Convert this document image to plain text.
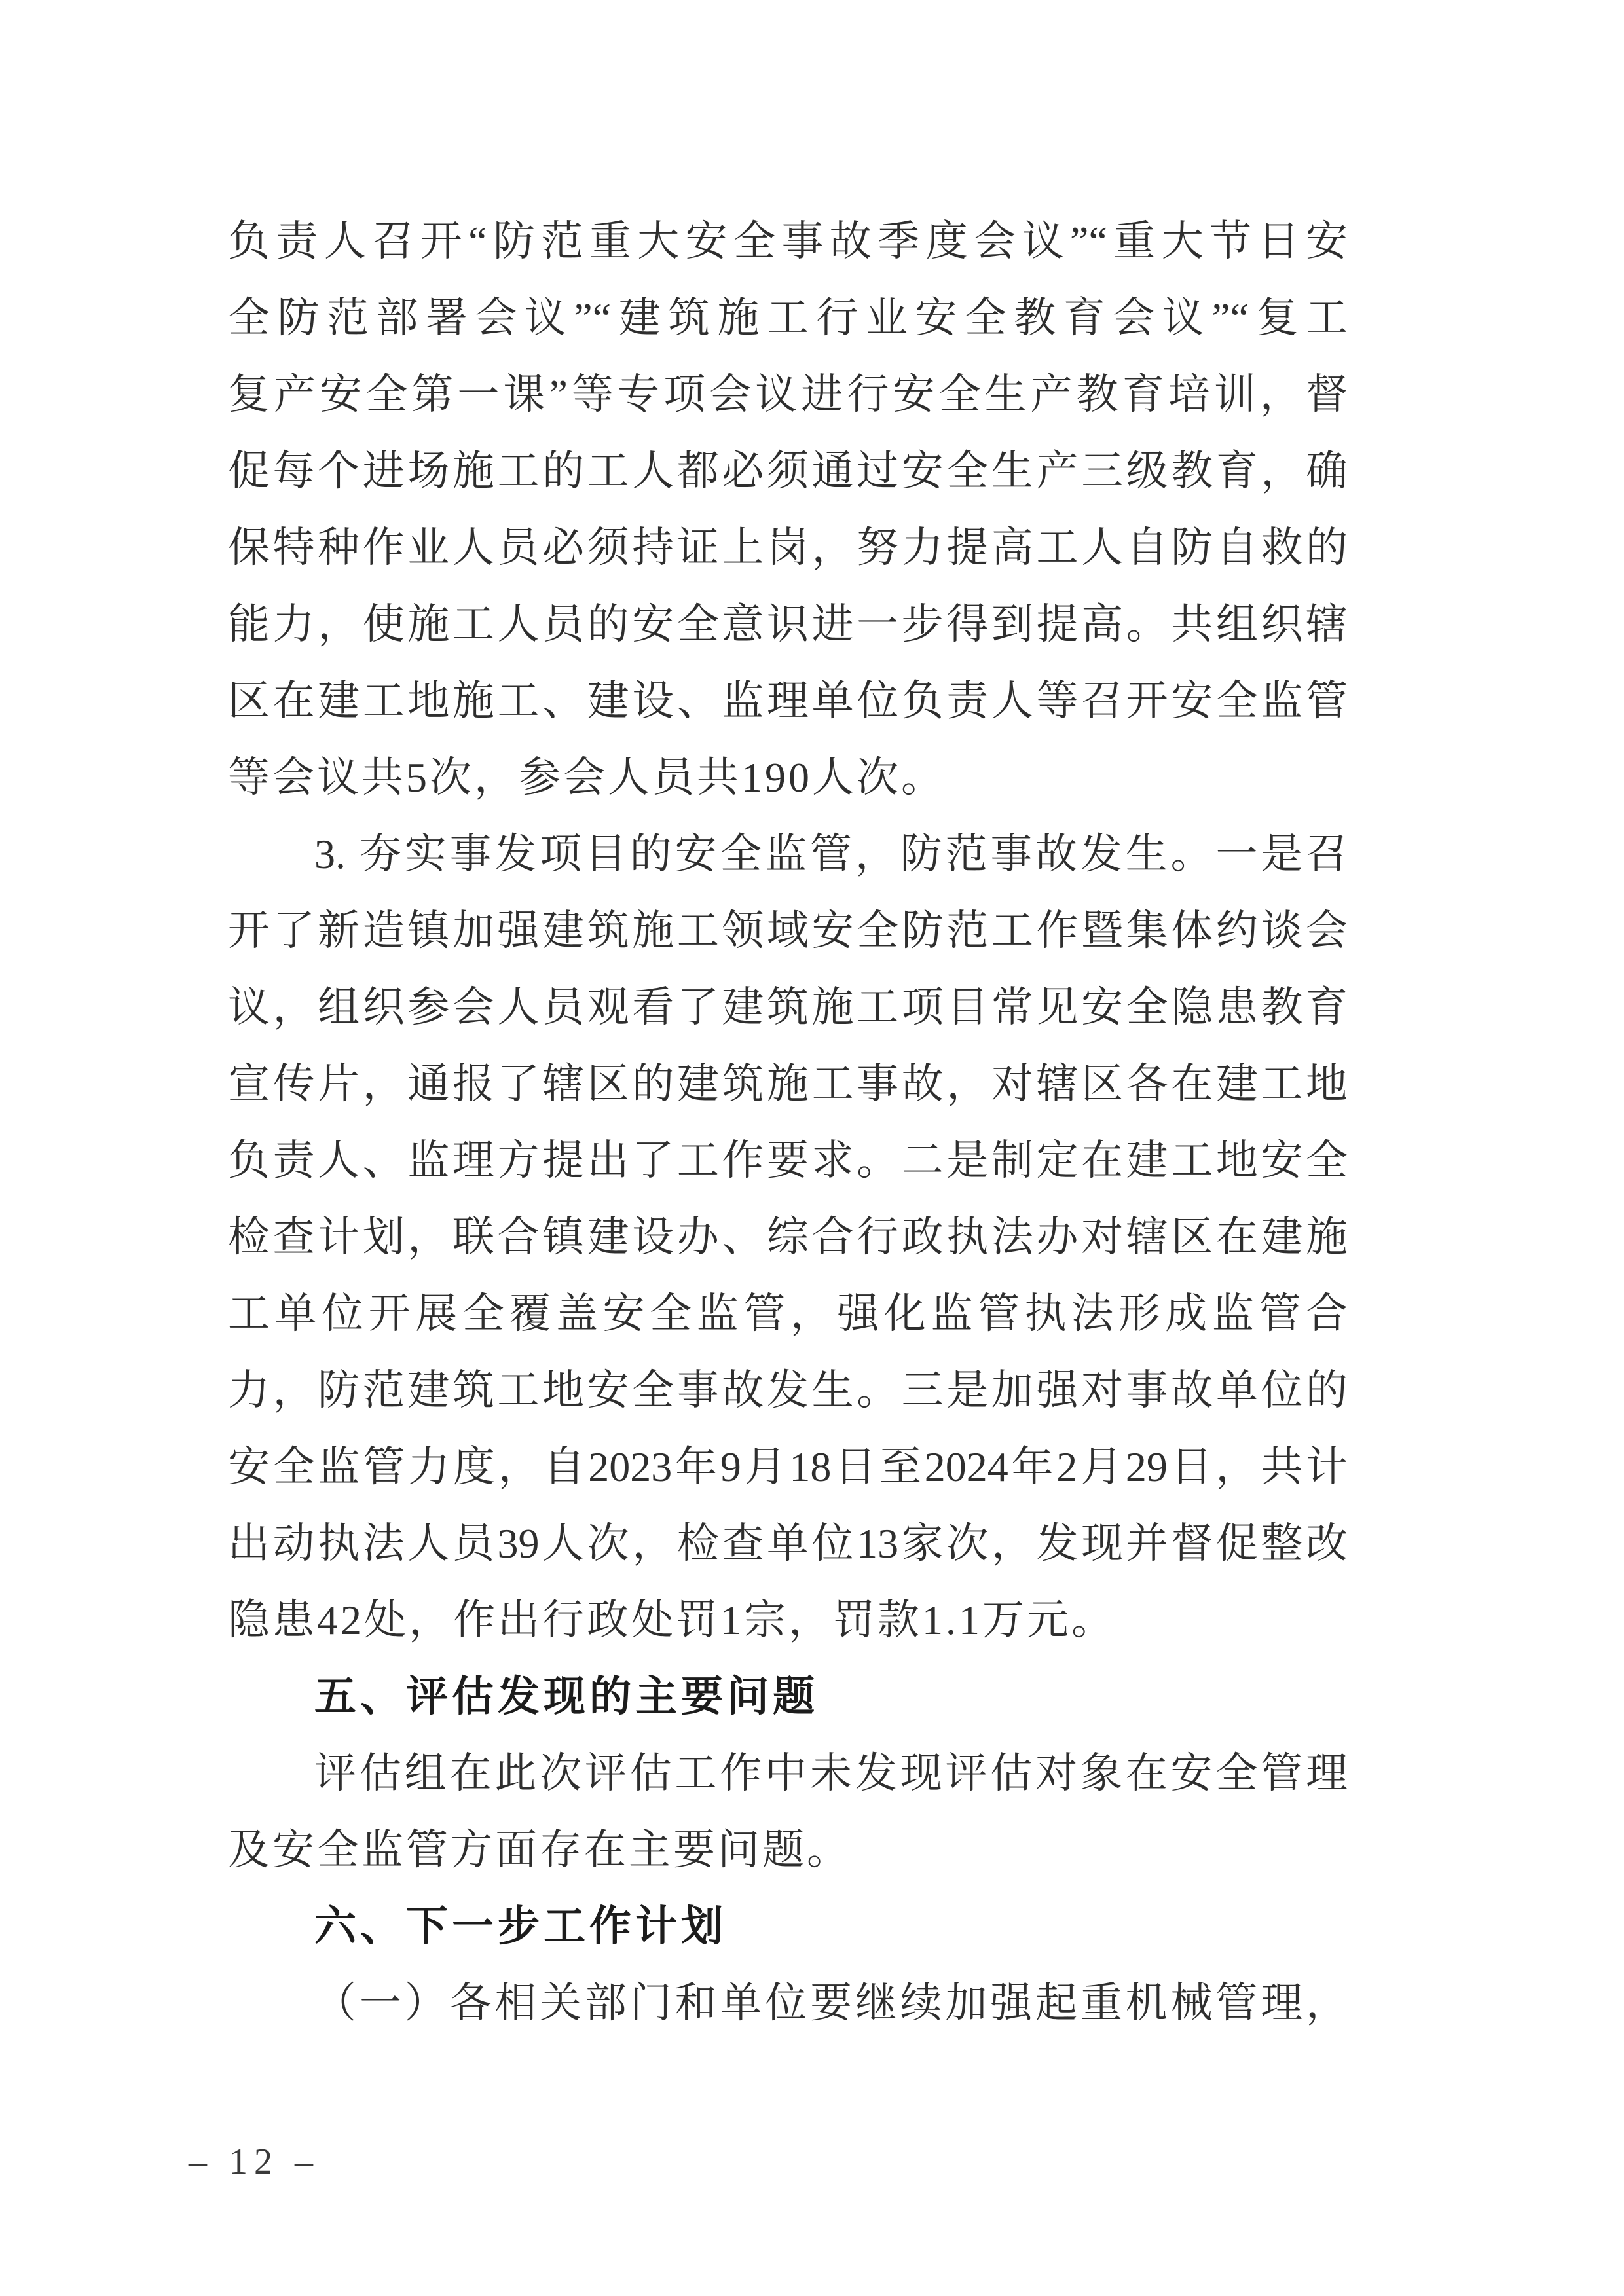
负责人召开“防范重大安全事故季度会议”“重大节日安
全防范部署会议”“建筑施工行业安全教育会议”“复工
复产安全第一课”等专项会议进行安全生产教育培训，督
促每个进场施工的工人都必须通过安全生产三级教育，确
保特种作业人员必须持证上岗，努力提高工人自防自救的
能力，使施工人员的安全意识进一步得到提高。共组织辖
区在建工地施工、建设、监理单位负责人等召开安全监管
等会议共5次，参会人员共190人次。
3. 夯实事发项目的安全监管，防范事故发生。一是召
开了新造镇加强建筑施工领域安全防范工作暨集体约谈会
议，组织参会人员观看了建筑施工项目常见安全隐患教育
宣传片，通报了辖区的建筑施工事故，对辖区各在建工地
负责人、监理方提出了工作要求。二是制定在建工地安全
检查计划，联合镇建设办、综合行政执法办对辖区在建施
工单位开展全覆盖安全监管，强化监管执法形成监管合
力，防范建筑工地安全事故发生。三是加强对事故单位的
安全监管力度，自2023年9月18日至2024年2月29日，共计
出动执法人员39人次，检查单位13家次，发现并督促整改
隐患42处，作出行政处罚1宗，罚款1.1万元。
五、评估发现的主要问题
评估组在此次评估工作中未发现评估对象在安全管理
及安全监管方面存在主要问题。
六、下一步工作计划
（一）各相关部门和单位要继续加强起重机械管理，
– 12 –
